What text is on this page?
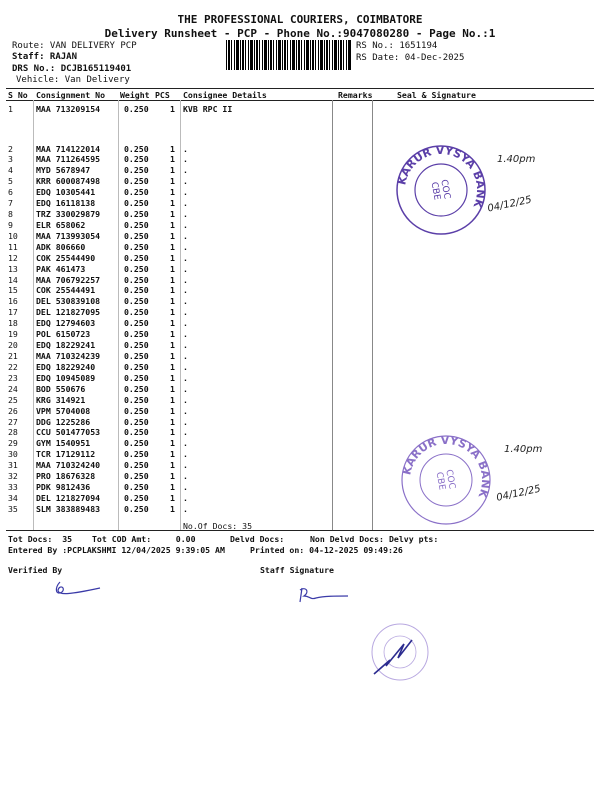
THE PROFESSIONAL COURIERS, COIMBATORE
Delivery Runsheet - PCP - Phone No.:9047080280 - Page No.:1
Route: VAN DELIVERY PCP
Staff: RAJAN
DRS No.: DCJB165119401
Vehicle: Van Delivery
RS No.: 1651194
RS Date: 04-Dec-2025
S No Consignment No Weight PCS Consignee Details	Remarks	Seal & Signature
1	MAA 713209154	0.250	1 KVB RPC II
2	MAA 714122014	0.250	1 .
3	MAA 711264595	0.250	1 .
4	MYD 5678947	0.250	1 .
5	KRR 600087498	0.250	1 .
6	EDQ 10305441	0.250	1 .
7	EDQ 16118138	0.250	1 .
8	TRZ 330029879	0.250	1 .
9	ELR 658062	0.250	1 .
10 MAA 713993054	0.250	1 .
11 ADK 806660	0.250	1 .
12 COK 25544490	0.250	1 .
13 PAK 461473	0.250	1 .
14 MAA 706792257	0.250	1 .
15 COK 25544491	0.250	1 .
16 DEL 530839108	0.250	1 .
17 DEL 121827095	0.250	1 .
18 EDQ 12794603	0.250	1 .
19 POL 6150723	0.250	1 .
20 EDQ 18229241	0.250	1 .
21 MAA 710324239	0.250	1 .
22 EDQ 18229240	0.250	1 .
23 EDQ 10945089	0.250	1 .
24 BOD 550676	0.250	1 .
25 KRG 314921	0.250	1 .
26 VPM 5704008	0.250	1 .
27 DDG 1225286	0.250	1 .
28 CCU 501477053	0.250	1 .
29 GYM 1540951	0.250	1 .
30 TCR 17129112	0.250	1 .
31 MAA 710324240	0.250	1 .
32 PRO 18676328	0.250	1 .
33 PDK 9812436	0.250	1 .
34 DEL 121827094	0.250	1 .
35 SLM 383889483	0.250	1 .
No.Of Docs: 35
Tot Docs:  35 Tot COD Amt:     0.00	Delvd Docs:	Non Delvd Docs: Delvy pts:
Entered By :PCPLAKSHMI 12/04/2025 9:39:05 AM	Printed on: 04-12-2025 09:49:26
Verified By	Staff Signature
KARUR VYSYA BANK
COC
CBE
1.40pm
04/12/25
KARUR VYSYA BANK
COC
CBE
1.40pm
04/12/25
